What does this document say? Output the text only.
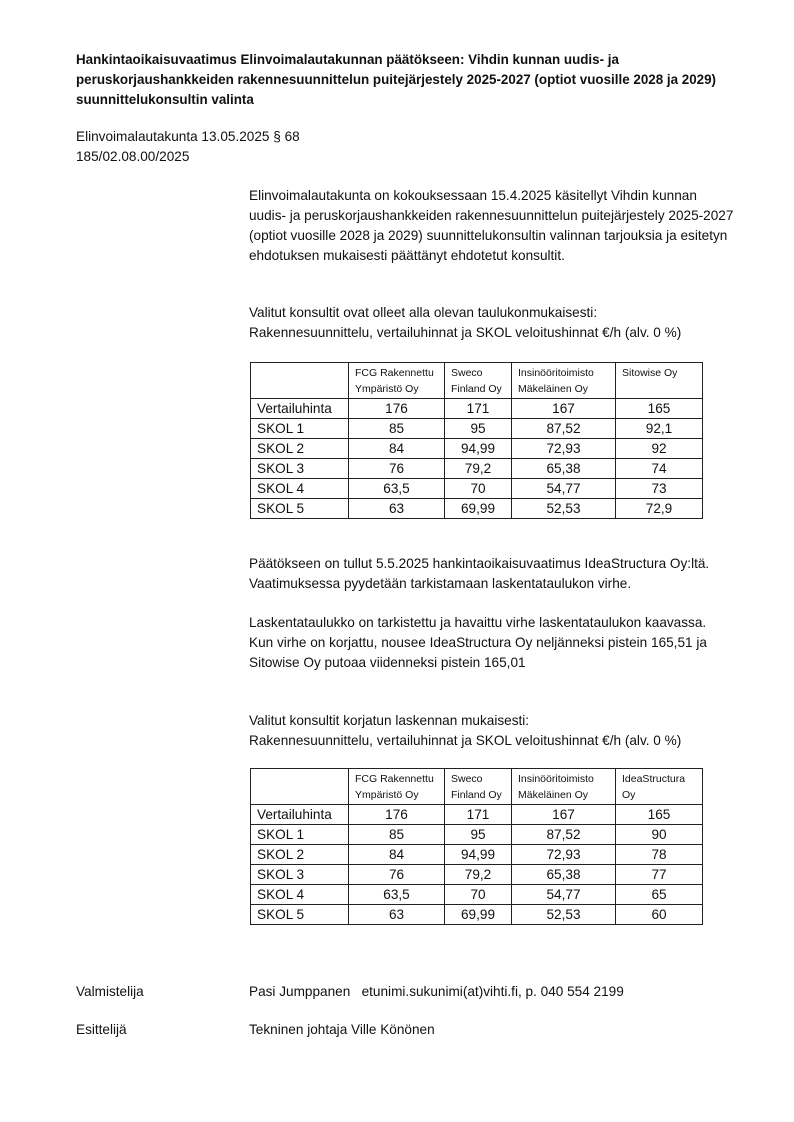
Hankintaoikaisuvaatimus Elinvoimalautakunnan päätökseen: Vihdin kunnan uudis- ja peruskorjaushankkeiden rakennesuunnittelun puitejärjestely 2025-2027 (optiot vuosille 2028 ja 2029) suunnittelukonsultin valinta
Elinvoimalautakunta 13.05.2025 § 68
185/02.08.00/2025

Elinvoimalautakunta on kokouksessaan 15.4.2025 käsitellyt Vihdin kunnan uudis- ja peruskorjaushankkeiden rakennesuunnittelun puitejärjestely 2025-2027 (optiot vuosille 2028 ja 2029) suunnittelukonsultin valinnan tarjouksia ja esitetyn ehdotuksen mukaisesti päättänyt ehdotetut konsultit.

Valitut konsultit ovat olleet alla olevan taulukonmukaisesti:

Rakennesuunnittelu, vertailuhinnat ja SKOL veloitushinnat €/h (alv. 0 %)

	FCG Rakennettu Ympäristö Oy	Sweco Finland Oy	Insinööritoimisto Mäkeläinen Oy	Sitowise Oy
Vertailuhinta	176	171	167	165
SKOL 1	85	95	87,52	92,1
SKOL 2	84	94,99	72,93	92
SKOL 3	76	79,2	65,38	74
SKOL 4	63,5	70	54,77	73
SKOL 5	63	69,99	52,53	72,9

Päätökseen on tullut 5.5.2025 hankintaoikaisuvaatimus IdeaStructura Oy:ltä. Vaatimuksessa pyydetään tarkistamaan laskentataulukon virhe.

Laskentataulukko on tarkistettu ja havaittu virhe laskentataulukon kaavassa.

Kun virhe on korjattu, nousee IdeaStructura Oy neljänneksi pistein 165,51 ja Sitowise Oy putoaa viidenneksi pistein 165,01

Valitut konsultit korjatun laskennan mukaisesti:

Rakennesuunnittelu, vertailuhinnat ja SKOL veloitushinnat €/h (alv. 0 %)

	FCG Rakennettu Ympäristö Oy	Sweco Finland Oy	Insinööritoimisto Mäkeläinen Oy	IdeaStructura Oy
Vertailuhinta	176	171	167	165
SKOL 1	85	95	87,52	90
SKOL 2	84	94,99	72,93	78
SKOL 3	76	79,2	65,38	77
SKOL 4	63,5	70	54,77	65
SKOL 5	63	69,99	52,53	60
Valmistelija	Pasi Jumppanen   etunimi.sukunimi(at)vihti.fi, p. 040 554 2199
Esittelijä	Tekninen johtaja Ville Könönen
